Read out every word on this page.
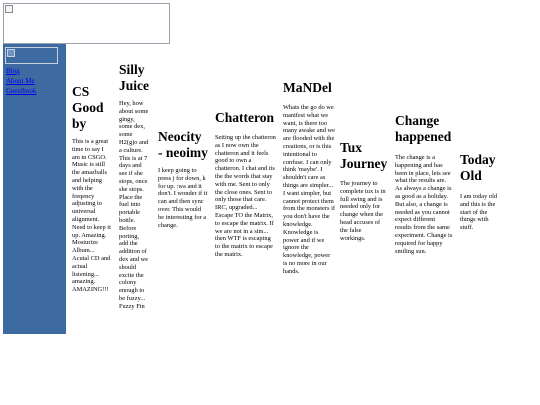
Blog
About Me
Guestbook	CS Good by

This is a great time to say I am in CSGO. Music is still the amazballs and helping with the freqency adjusting to universal alignment. Need to keep it up. Amazing. Mosturize Album... Acutal CD and actual listening... amazing. AMAZING!!!

Silly Juice

Hey, how about some gingy, some dex, some H2(g)o and a culture. This is at 7 days and see if she stops, once she stops. Place the fuel into portable bottle. Before porting, add the addition of dex and we should excite the colony enough to be fuzzy... Fuzzy Fin

Neocity - neoimy

I keep going to press j for down, k for up. :wa and it don't. I wonder if it can and then sync over. This would be interesting for a change.

Chatteron

Setting up the chatteron as I now own the chatteron and it feels good to own a chatteron. I chat and its the the words that stay with me. Sent to only the close ones. Sent to only those that care. IRC, upgraded... Escape TO the Matrix, to escape the matrix. If we are not in a sim... then WTF is escaping to the matrix to escape the matrix.

MaNDel

Whats the go do we manifest what we want, is there too many awake and we are flooded with the creations, or is this intentional to confuse. I can only think 'maybe'. I shouldn't care as things are simpler... I want simpler, but cannot protect them from the monsters if you don't have the knowledge. Knowledge is power and if we ignore the knowledge, power is no more in our hands.

Tux Journey

The journey to complete tux is in full swing and is needed only for change when the head accuses of the false workings.

Change happened

The change is a happening and has been in place, lets see what the results are. As always a change is as good as a holiday. But also, a change is needed as you cannot expect different results from the same experiment. Change is required for happy smiling sun.

Today Old

I am today old and this is the start of the things with stuff.
